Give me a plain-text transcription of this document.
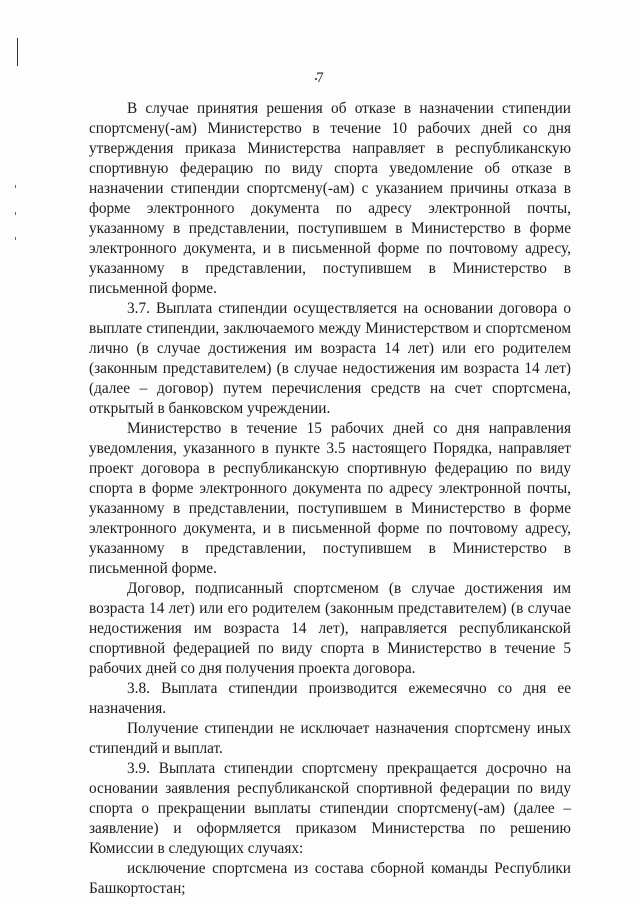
7

В случае принятия решения об отказе в назначении стипендии спортсмену(-ам) Министерство в течение 10 рабочих дней со дня утверждения приказа Министерства направляет в республиканскую спортивную федерацию по виду спорта уведомление об отказе в назначении стипендии спортсмену(-ам) с указанием причины отказа в форме электронного документа по адресу электронной почты, указанному в представлении, поступившем в Министерство в форме электронного документа, и в письменной форме по почтовому адресу, указанному в представлении, поступившем в Министерство в письменной форме.

3.7. Выплата стипендии осуществляется на основании договора о выплате стипендии, заключаемого между Министерством и спортсменом лично (в случае достижения им возраста 14 лет) или его родителем (законным представителем) (в случае недостижения им возраста 14 лет) (далее – договор) путем перечисления средств на счет спортсмена, открытый в банковском учреждении.

Министерство в течение 15 рабочих дней со дня направления уведомления, указанного в пункте 3.5 настоящего Порядка, направляет проект договора в республиканскую спортивную федерацию по виду спорта в форме электронного документа по адресу электронной почты, указанному в представлении, поступившем в Министерство в форме электронного документа, и в письменной форме по почтовому адресу, указанному в представлении, поступившем в Министерство в письменной форме.

Договор, подписанный спортсменом (в случае достижения им возраста 14 лет) или его родителем (законным представителем) (в случае недостижения им возраста 14 лет), направляется республиканской спортивной федерацией по виду спорта в Министерство в течение 5 рабочих дней со дня получения проекта договора.

3.8. Выплата стипендии производится ежемесячно со дня ее назначения.

Получение стипендии не исключает назначения спортсмену иных стипендий и выплат.

3.9. Выплата стипендии спортсмену прекращается досрочно на основании заявления республиканской спортивной федерации по виду спорта о прекращении выплаты стипендии спортсмену(-ам) (далее – заявление) и оформляется приказом Министерства по решению Комиссии в следующих случаях:

исключение спортсмена из состава сборной команды Республики Башкортостан;
